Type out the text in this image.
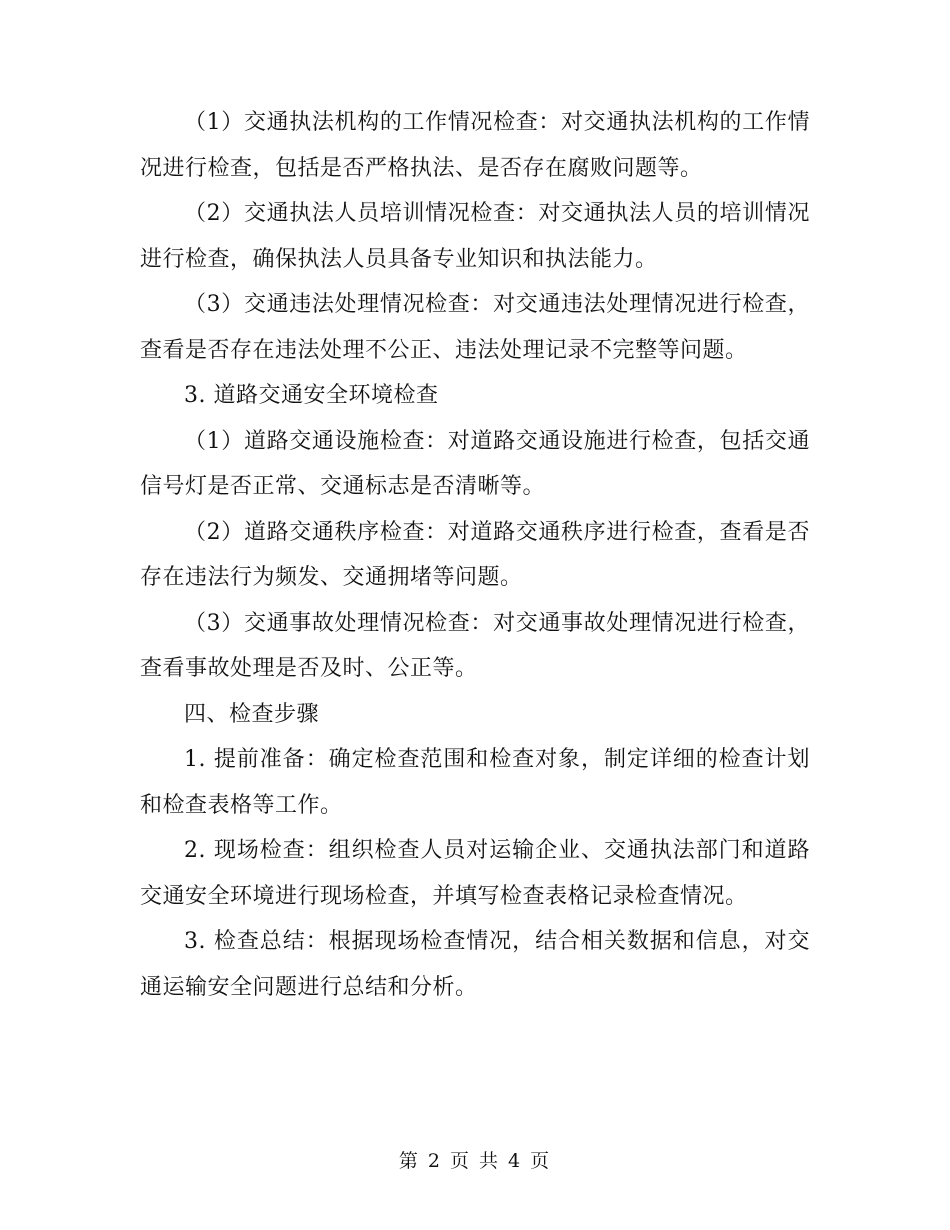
（1）交通执法机构的工作情况检查：对交通执法机构的工作情况进行检查，包括是否严格执法、是否存在腐败问题等。

（2）交通执法人员培训情况检查：对交通执法人员的培训情况进行检查，确保执法人员具备专业知识和执法能力。

（3）交通违法处理情况检查：对交通违法处理情况进行检查，查看是否存在违法处理不公正、违法处理记录不完整等问题。

3. 道路交通安全环境检查

（1）道路交通设施检查：对道路交通设施进行检查，包括交通信号灯是否正常、交通标志是否清晰等。

（2）道路交通秩序检查：对道路交通秩序进行检查，查看是否存在违法行为频发、交通拥堵等问题。

（3）交通事故处理情况检查：对交通事故处理情况进行检查，查看事故处理是否及时、公正等。

四、检查步骤

1. 提前准备：确定检查范围和检查对象，制定详细的检查计划和检查表格等工作。

2. 现场检查：组织检查人员对运输企业、交通执法部门和道路交通安全环境进行现场检查，并填写检查表格记录检查情况。

3. 检查总结：根据现场检查情况，结合相关数据和信息，对交通运输安全问题进行总结和分析。

第 2 页 共 4 页
